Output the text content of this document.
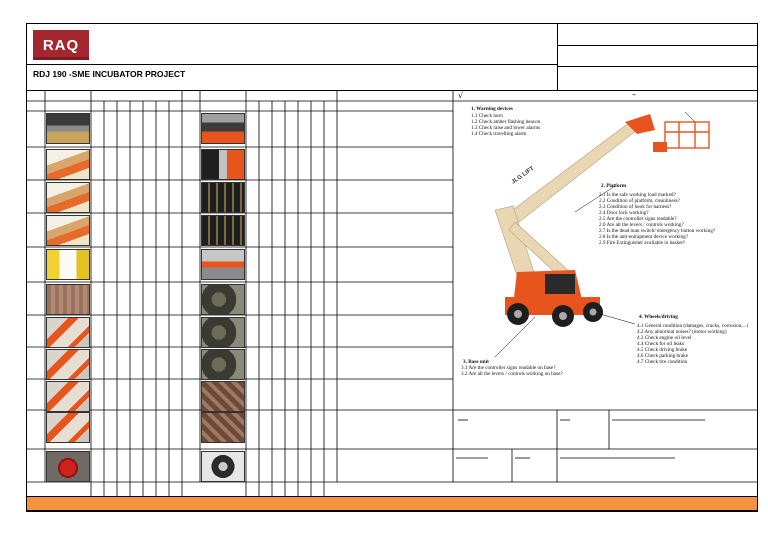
RAQ
RDJ 190 -SME INCUBATOR PROJECT
√	–
JLG LIFT
1. Warning devices
1.1 Check horn
1.2 Check amber flashing beacon
1.3 Check raise and lower alarms
1.4 Check travelling alarm
2. Platform
2.1 Is the safe working load marked?
2.2 Condition of platform, cleanliness?
2.3 Condition of hook for harness?
2.4 Door lock working?
2.5 Are the controller signs readable?
2.6 Are all the levers / controls working?
2.7 Is the dead man switch/ emergency button working?
2.8 Is the anti-entrapment device working?
2.9 Fire Extinguisher available in basket?
4. Wheels/driving
4.1 General condition (damages, cracks, corrosion,...)
4.2 Any abnormal noises? (motor working)
4.3 Check engine oil level
4.4 Check for oil leaks
4.5 Check driving brake
4.6 Check parking brake
4.7 Check tire condition
3. Base unit
3.1 Are the controller signs readable on base?
3.2 Are all the levers / controls working on base?
